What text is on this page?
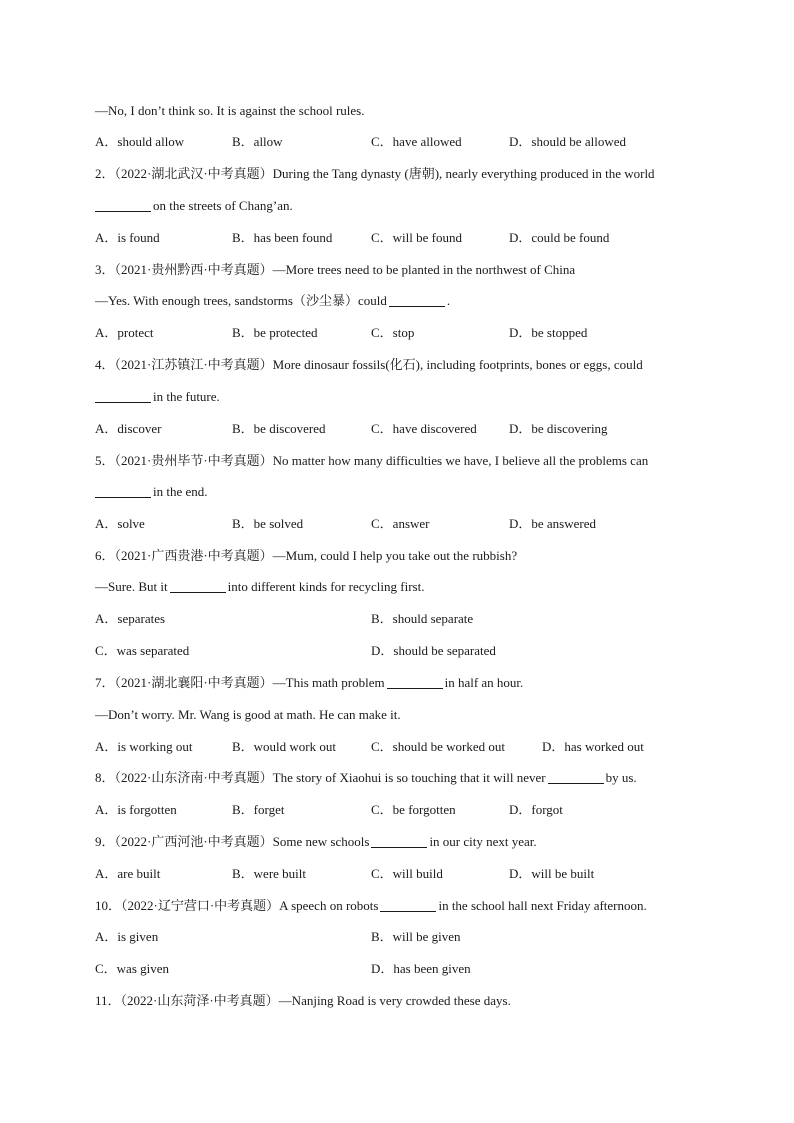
—No, I don’t think so. It is against the school rules.
A．should allow	B．allow	C．have allowed	D．should be allowed
2．（2022·湖北武汉·中考真题）During the Tang dynasty (唐朝), nearly everything produced in the world
on the streets of Chang’an.
A．is found	B．has been found	C．will be found	D．could be found
3．（2021·贵州黔西·中考真题）—More trees need to be planted in the northwest of China
—Yes. With enough trees, sandstorms（沙尘暴）could	.
A．protect	B．be protected	C．stop	D．be stopped
4．（2021·江苏镇江·中考真题）More dinosaur fossils(化石), including footprints, bones or eggs, could
in the future.
A．discover	B．be discovered	C．have discovered D．be discovering
5．（2021·贵州毕节·中考真题）No matter how many difficulties we have, I believe all the problems can
in the end.
A．solve	B．be solved	C．answer	D．be answered
6．（2021·广西贵港·中考真题）—Mum, could I help you take out the rubbish?
—Sure. But it	into different kinds for recycling first.
A．separates	B．should separate
C．was separated	D．should be separated
7．（2021·湖北襄阳·中考真题）—This math problem	in half an hour.
—Don’t worry. Mr. Wang is good at math. He can make it.
A．is working out	B．would work out	C．should be worked out	D．has worked out
8．（2022·山东济南·中考真题）The story of Xiaohui is so touching that it will never	by us.
A．is forgotten	B．forget	C．be forgotten	D．forgot
9．（2022·广西河池·中考真题）Some new schools	in our city next year.
A．are built	B．were built	C．will build	D．will be built
10．（2022·辽宁营口·中考真题）A speech on robots	in the school hall next Friday afternoon.
A．is given	B．will be given
C．was given	D．has been given
11．（2022·山东菏泽·中考真题）—Nanjing Road is very crowded these days.
